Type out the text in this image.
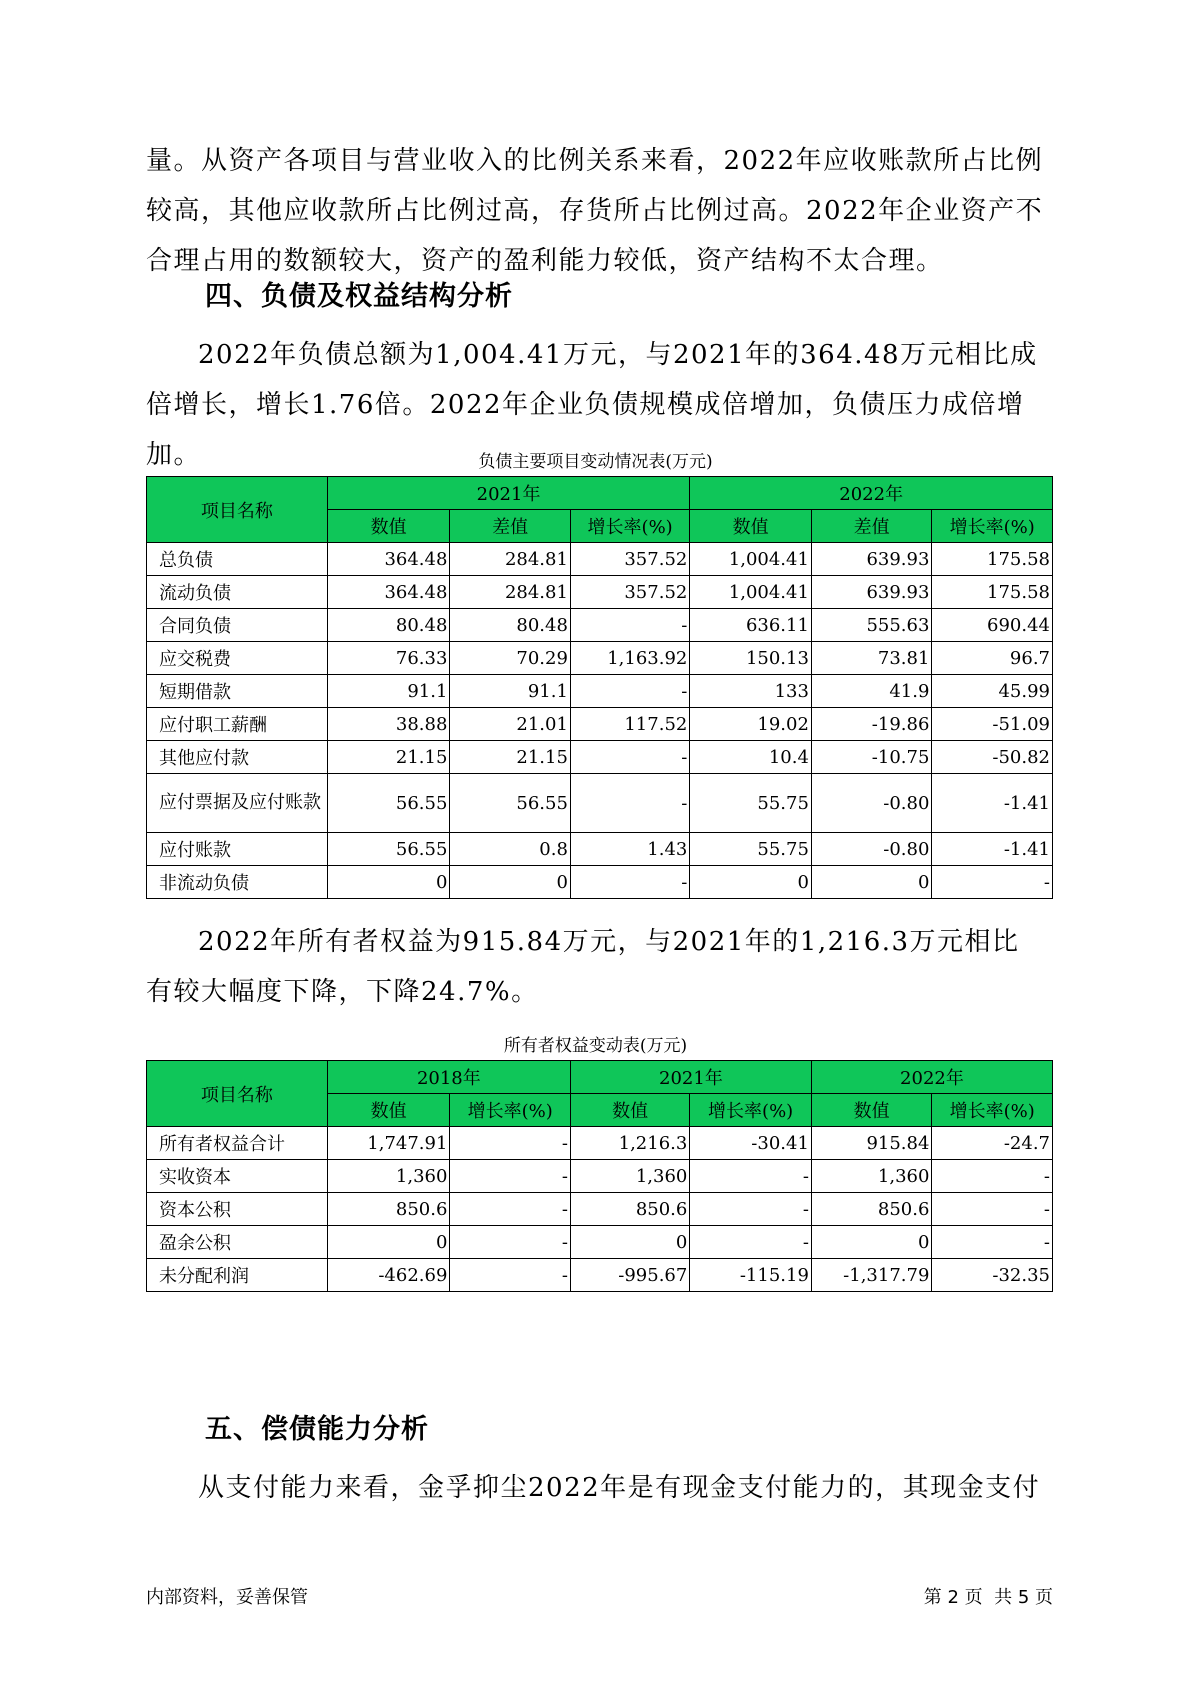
量。从资产各项目与营业收入的比例关系来看，2022年应收账款所占比例较高，其他应收款所占比例过高，存货所占比例过高。2022年企业资产不合理占用的数额较大，资产的盈利能力较低，资产结构不太合理。

四、负债及权益结构分析

2022年负债总额为1,004.41万元，与2021年的364.48万元相比成倍增长，增长1.76倍。2022年企业负债规模成倍增加，负债压力成倍增加。	负债主要项目变动情况表(万元)

项目名称	2021年			2022年		
	数值	差值	增长率(%)	数值	差值	增长率(%)
总负债	364.48	284.81	357.52	1,004.41	639.93	175.58
流动负债	364.48	284.81	357.52	1,004.41	639.93	175.58
合同负债	80.48	80.48	-	636.11	555.63	690.44
应交税费	76.33	70.29	1,163.92	150.13	73.81	96.7
短期借款	91.1	91.1	-	133	41.9	45.99
应付职工薪酬	38.88	21.01	117.52	19.02	-19.86	-51.09
其他应付款	21.15	21.15	-	10.4	-10.75	-50.82
应付票据及应付账款	56.55	56.55	-	55.75	-0.80	-1.41
应付账款	56.55	0.8	1.43	55.75	-0.80	-1.41
非流动负债	0	0	-	0	0	-

2022年所有者权益为915.84万元，与2021年的1,216.3万元相比有较大幅度下降，下降24.7%。

所有者权益变动表(万元)

项目名称	2018年		2021年		2022年	
	数值	增长率(%)	数值	增长率(%)	数值	增长率(%)
所有者权益合计	1,747.91	-	1,216.3	-30.41	915.84	-24.7
实收资本	1,360	-	1,360	-	1,360	-
资本公积	850.6	-	850.6	-	850.6	-
盈余公积	0	-	0	-	0	-
未分配利润	-462.69	-	-995.67	-115.19	-1,317.79	-32.35
五、偿债能力分析

从支付能力来看，金孚抑尘2022年是有现金支付能力的，其现金支付

内部资料，妥善保管	第 2 页  共 5 页
